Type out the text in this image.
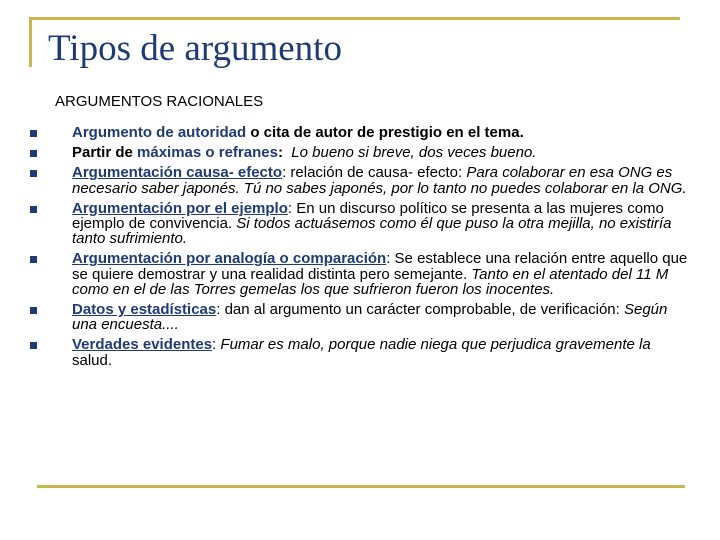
Tipos de argumento
ARGUMENTOS RACIONALES
Argumento de autoridad o cita de autor de prestigio en el tema.
Partir de máximas o refranes: Lo bueno si breve, dos veces bueno.
Argumentación causa- efecto: relación de causa- efecto: Para colaborar en esa ONG es necesario saber japonés. Tú no sabes japonés, por lo tanto no puedes colaborar en la ONG.
Argumentación por el ejemplo: En un discurso político se presenta a las mujeres como ejemplo de convivencia. Si todos actuásemos como él que puso la otra mejilla, no existiría tanto sufrimiento.
Argumentación por analogía o comparación: Se establece una relación entre aquello que se quiere demostrar y una realidad distinta pero semejante. Tanto en el atentado del 11 M como en el de las Torres gemelas los que sufrieron fueron los inocentes.
Datos y estadísticas: dan al argumento un carácter comprobable, de verificación: Según una encuesta....
Verdades evidentes: Fumar es malo, porque nadie niega que perjudica gravemente la salud.
